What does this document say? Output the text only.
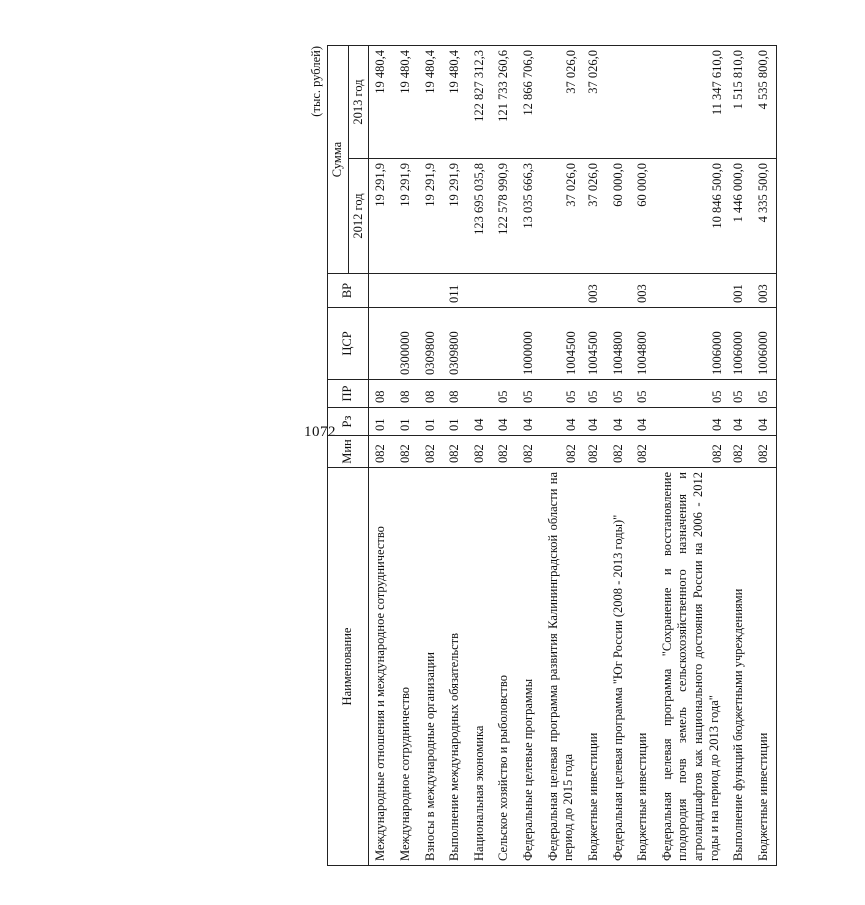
1072
(тыс. рублей)
Наименование	Мин	Рз	ПР	ЦСР	ВР	Сумма	
						2012 год	2013 год
Международные отношения и международное сотрудничество	082	01	08			19 291,9	19 480,4
Международное сотрудничество	082	01	08	0300000		19 291,9	19 480,4
Взносы в международные организации	082	01	08	0309800		19 291,9	19 480,4
Выполнение международных обязательств	082	01	08	0309800	011	19 291,9	19 480,4
Национальная экономика	082	04				123 695 035,8	122 827 312,3
Сельское хозяйство и рыболовство	082	04	05			122 578 990,9	121 733 260,6
Федеральные целевые программы	082	04	05	1000000		13 035 666,3	12 866 706,0
Федеральная целевая программа развития Калининградской области на период до 2015 года	082	04	05	1004500		37 026,0	37 026,0
Бюджетные инвестиции	082	04	05	1004500	003	37 026,0	37 026,0
Федеральная целевая программа "Юг России (2008 - 2013 годы)"	082	04	05	1004800		60 000,0	
Бюджетные инвестиции	082	04	05	1004800	003	60 000,0	
Федеральная целевая программа "Сохранение и восстановление плодородия почв земель сельскохозяйственного назначения и агроландшафтов как национального достояния России на 2006 - 2012 годы и на период до 2013 года"	082	04	05	1006000		10 846 500,0	11 347 610,0
Выполнение функций бюджетными учреждениями	082	04	05	1006000	001	1 446 000,0	1 515 810,0
Бюджетные инвестиции	082	04	05	1006000	003	4 335 500,0	4 535 800,0
